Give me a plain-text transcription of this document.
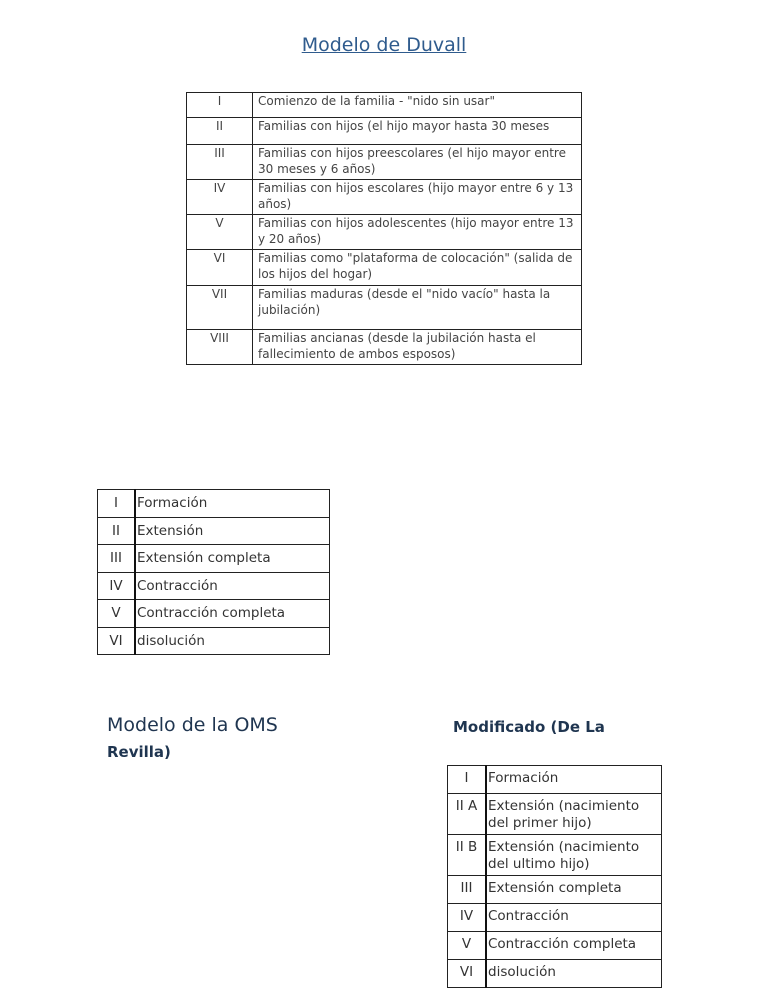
Modelo de Duvall
I	Comienzo de la familia - "nido sin usar"
II	Familias con hijos (el hijo mayor hasta 30 meses
III	Familias con hijos preescolares (el hijo mayor entre 30 meses y 6 años)
IV	Familias con hijos escolares (hijo mayor entre 6 y 13 años)
V	Familias con hijos adolescentes (hijo mayor entre 13 y 20 años)
VI	Familias como "plataforma de colocación" (salida de los hijos del hogar)
VII	Familias maduras (desde el "nido vacío" hasta la jubilación)
VIII	Familias ancianas (desde la jubilación hasta el fallecimiento de ambos esposos)
I	Formación
II	Extensión
III	Extensión completa
IV	Contracción
V	Contracción completa
VI	disolución
Modelo de la OMS
Revilla)
Modificado (De La
I	Formación
II A	Extensión (nacimiento del primer hijo)
II B	Extensión (nacimiento del ultimo hijo)
III	Extensión completa
IV	Contracción
V	Contracción completa
VI	disolución
